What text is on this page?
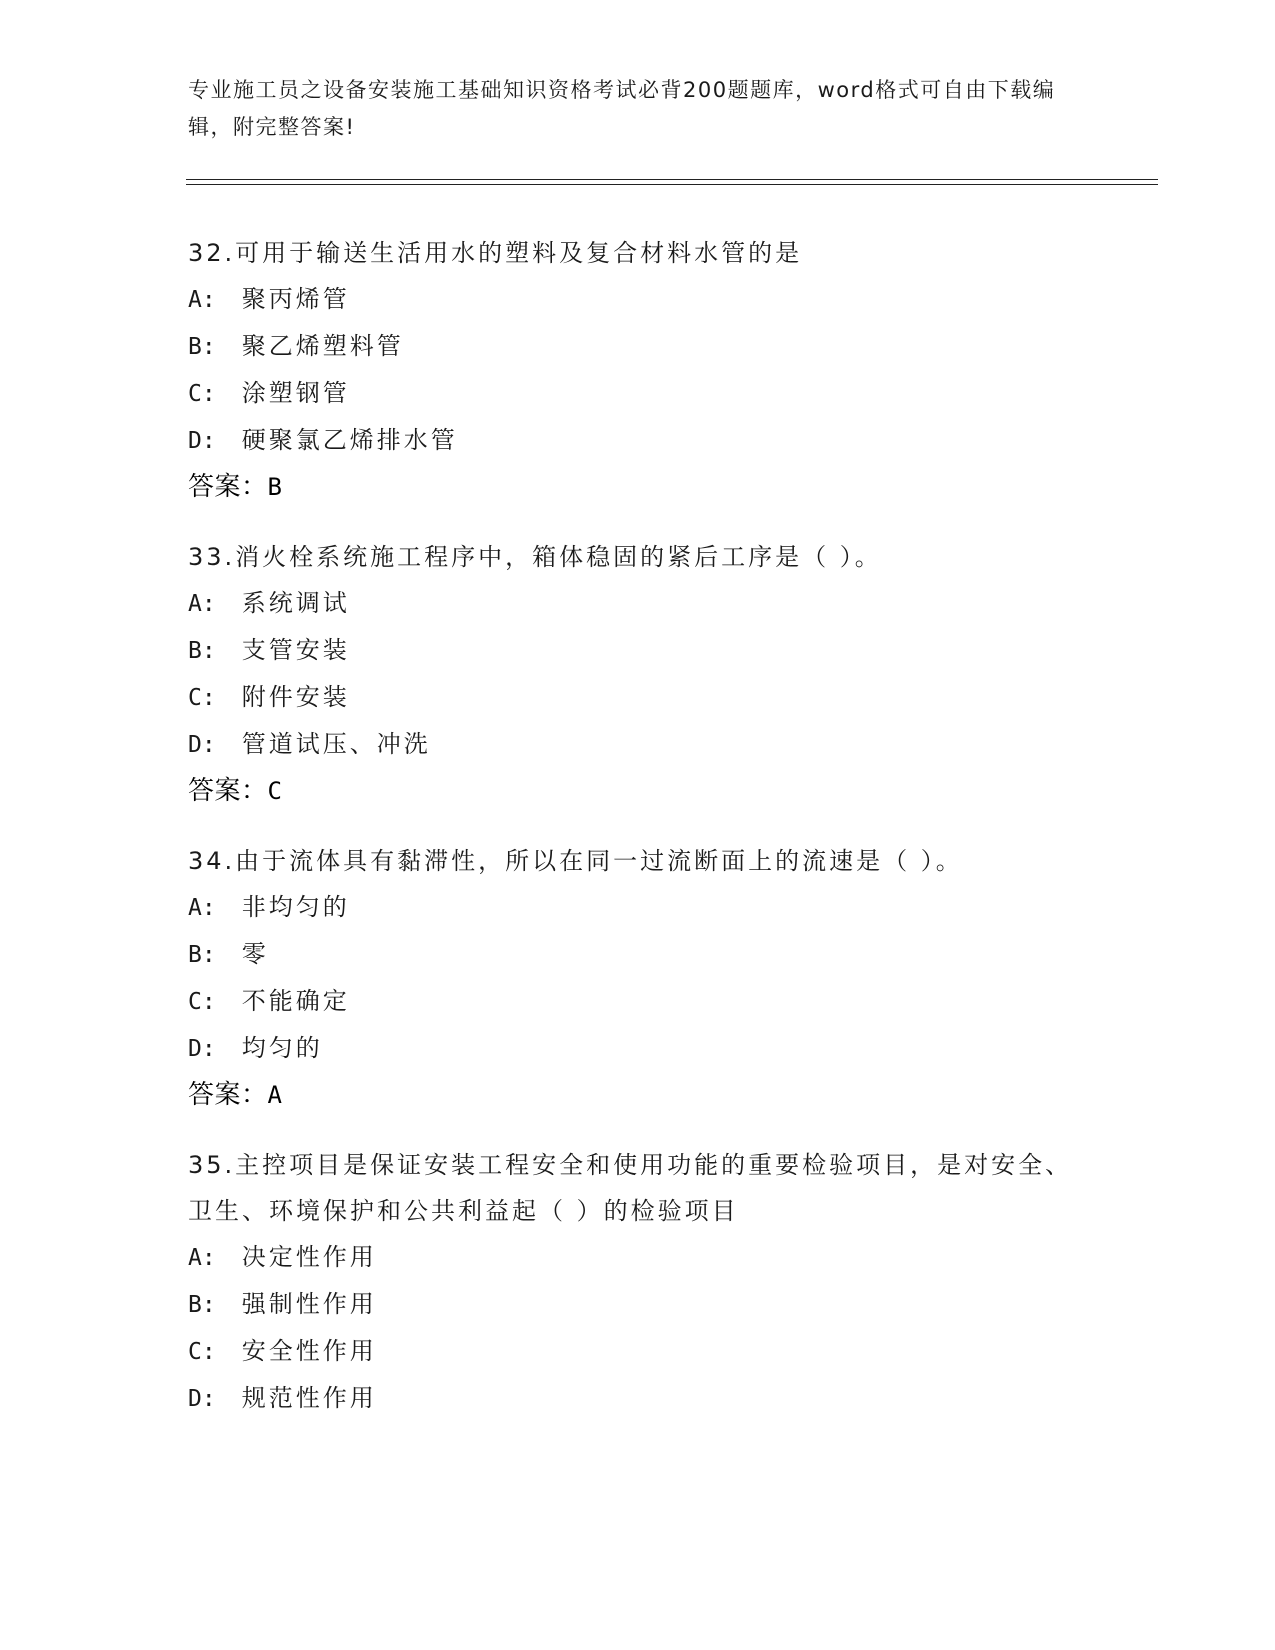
专业施工员之设备安装施工基础知识资格考试必背200题题库，word格式可自由下载编辑，附完整答案!
32.可用于输送生活用水的塑料及复合材料水管的是
A: 聚丙烯管
B: 聚乙烯塑料管
C: 涂塑钢管
D: 硬聚氯乙烯排水管
答案：B
33.消火栓系统施工程序中，箱体稳固的紧后工序是（ ）。
A: 系统调试
B: 支管安装
C: 附件安装
D: 管道试压、冲洗
答案：C
34.由于流体具有黏滞性，所以在同一过流断面上的流速是（ ）。
A: 非均匀的
B: 零
C: 不能确定
D: 均匀的
答案：A
35.主控项目是保证安装工程安全和使用功能的重要检验项目，是对安全、卫生、环境保护和公共利益起（ ）的检验项目
A: 决定性作用
B: 强制性作用
C: 安全性作用
D: 规范性作用
